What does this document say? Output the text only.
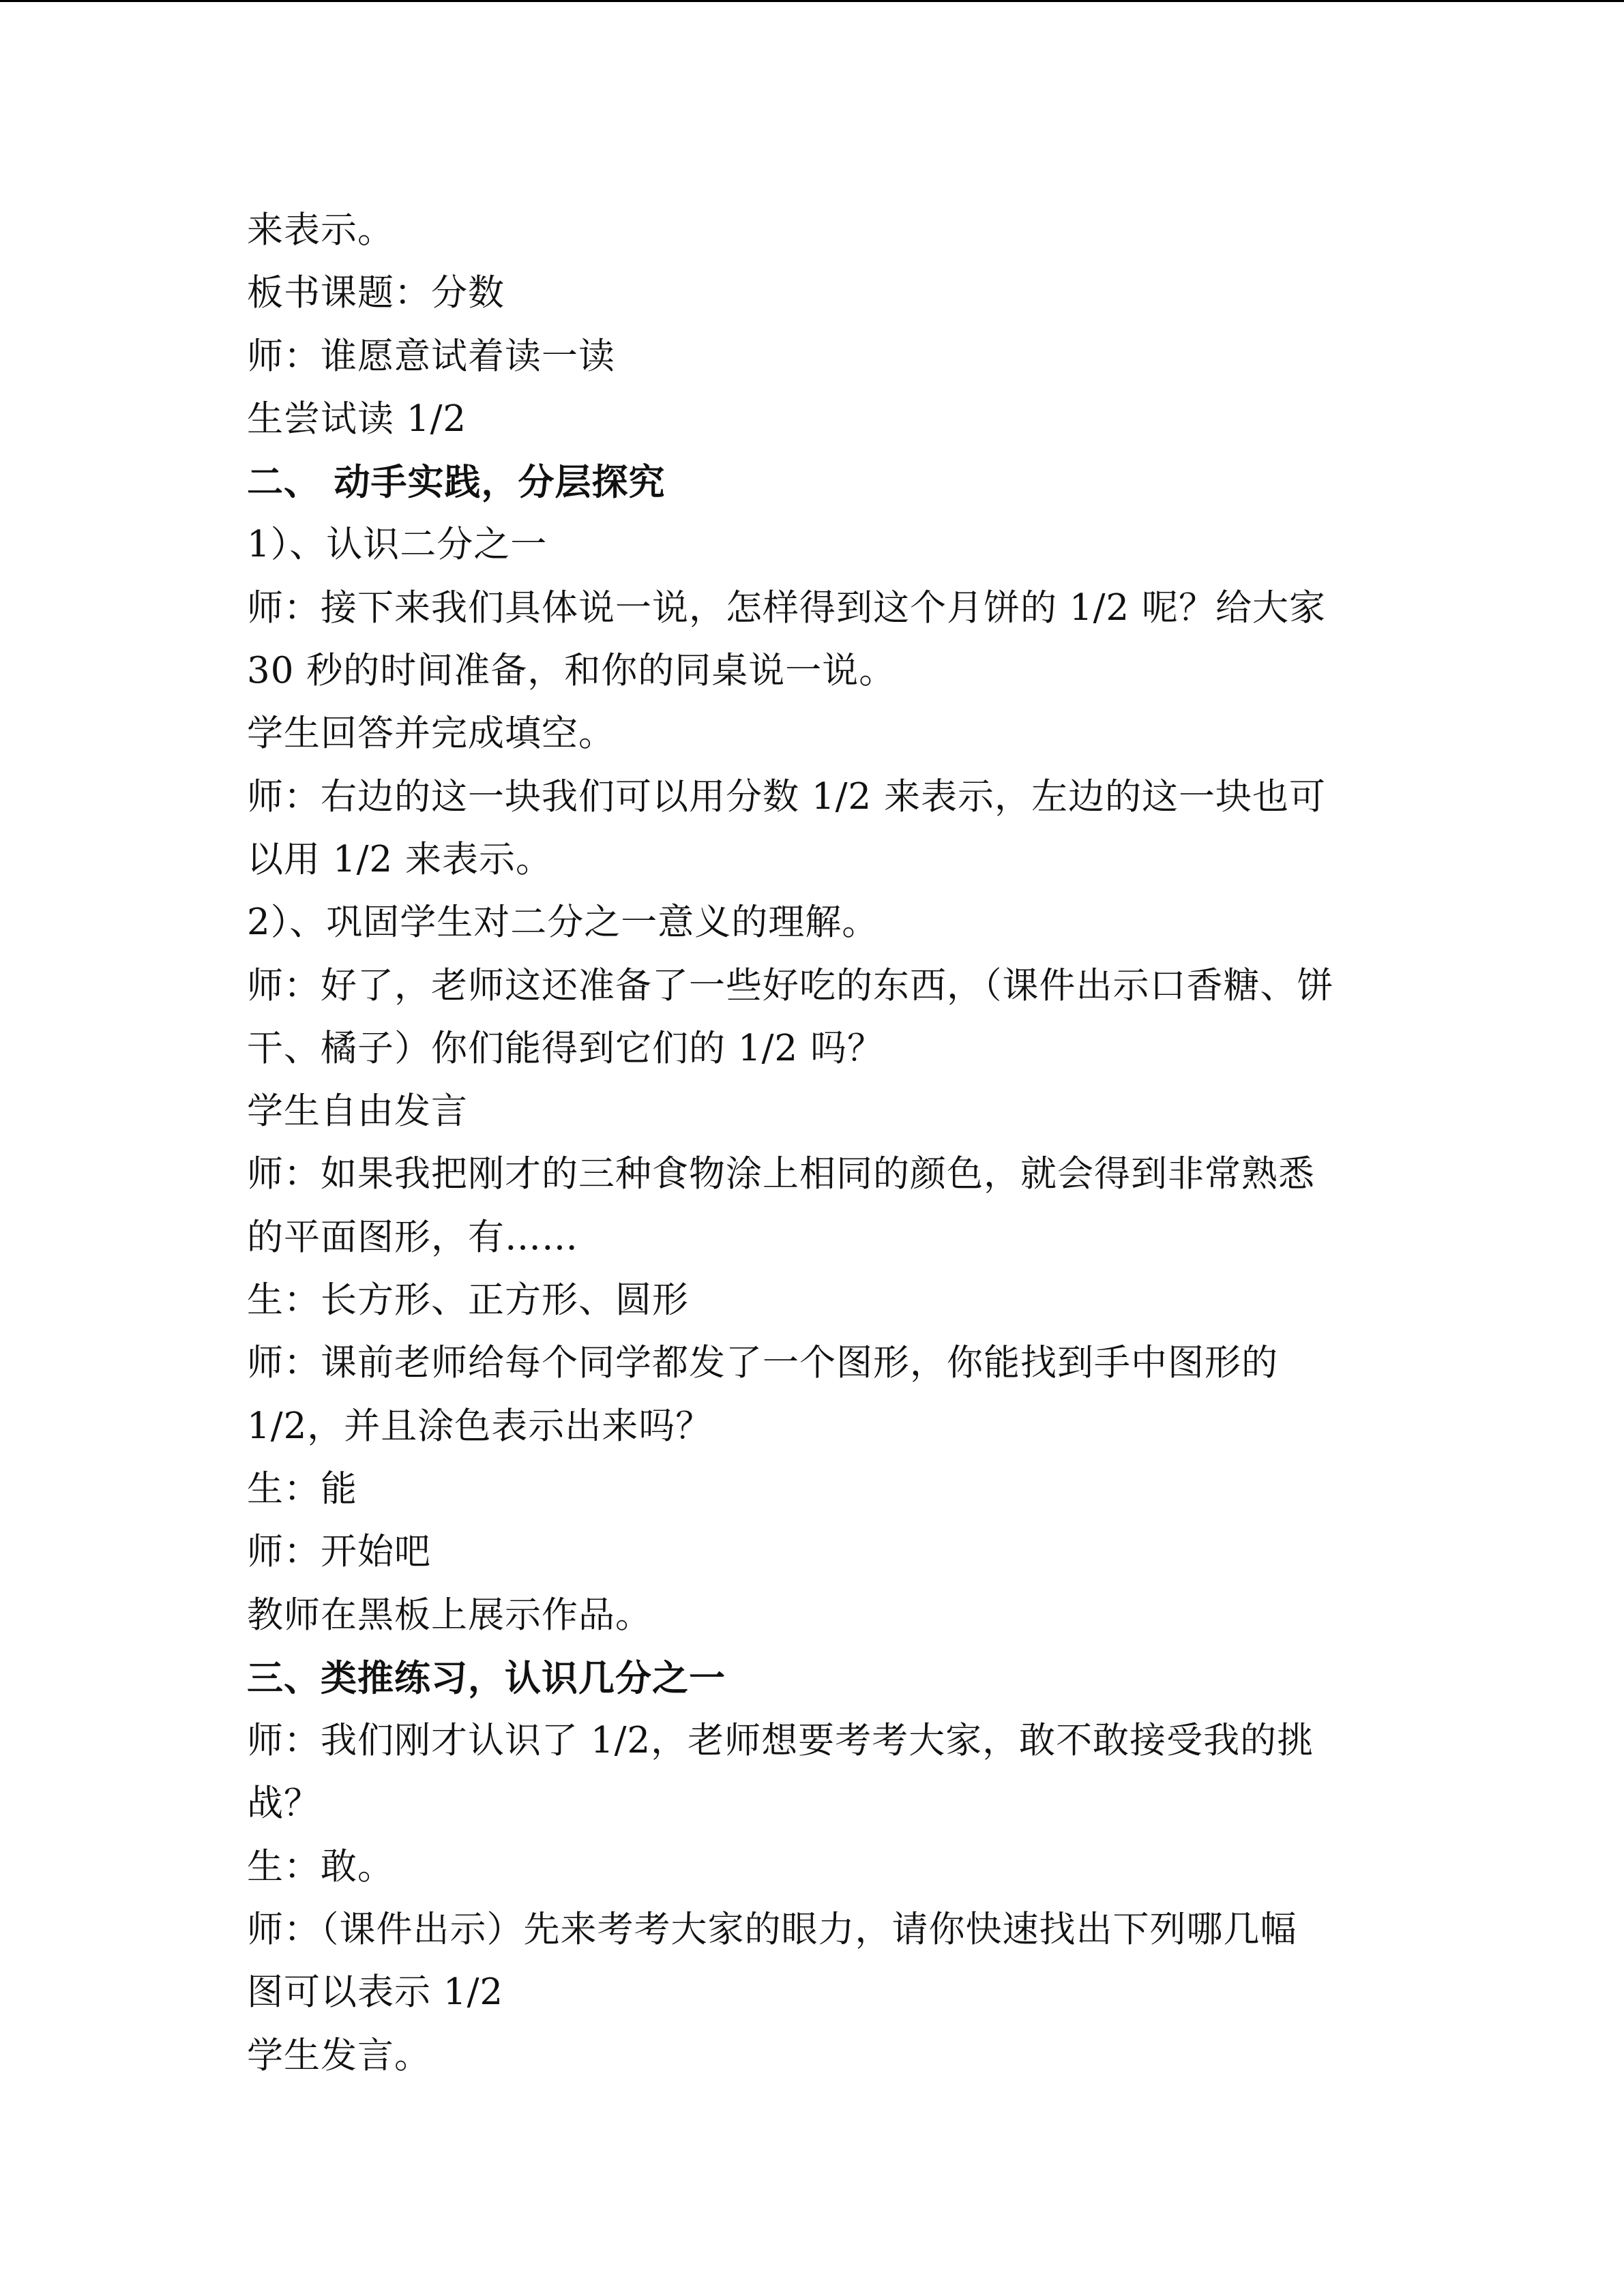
来表示。
板书课题：分数
师：谁愿意试着读一读
生尝试读 1/2
二、 动手实践，分层探究
1）、认识二分之一
师：接下来我们具体说一说，怎样得到这个月饼的 1/2 呢？给大家
30 秒的时间准备，和你的同桌说一说。
学生回答并完成填空。
师：右边的这一块我们可以用分数 1/2 来表示，左边的这一块也可
以用 1/2 来表示。
2）、巩固学生对二分之一意义的理解。
师：好了，老师这还准备了一些好吃的东西，（课件出示口香糖、饼
干、橘子）你们能得到它们的 1/2 吗？
学生自由发言
师：如果我把刚才的三种食物涂上相同的颜色，就会得到非常熟悉
的平面图形，有……
生：长方形、正方形、圆形
师：课前老师给每个同学都发了一个图形，你能找到手中图形的
1/2，并且涂色表示出来吗？
生：能
师：开始吧
教师在黑板上展示作品。
三、类推练习，认识几分之一
师：我们刚才认识了 1/2，老师想要考考大家，敢不敢接受我的挑
战？
生：敢。
师：（课件出示）先来考考大家的眼力，请你快速找出下列哪几幅
图可以表示 1/2
学生发言。
